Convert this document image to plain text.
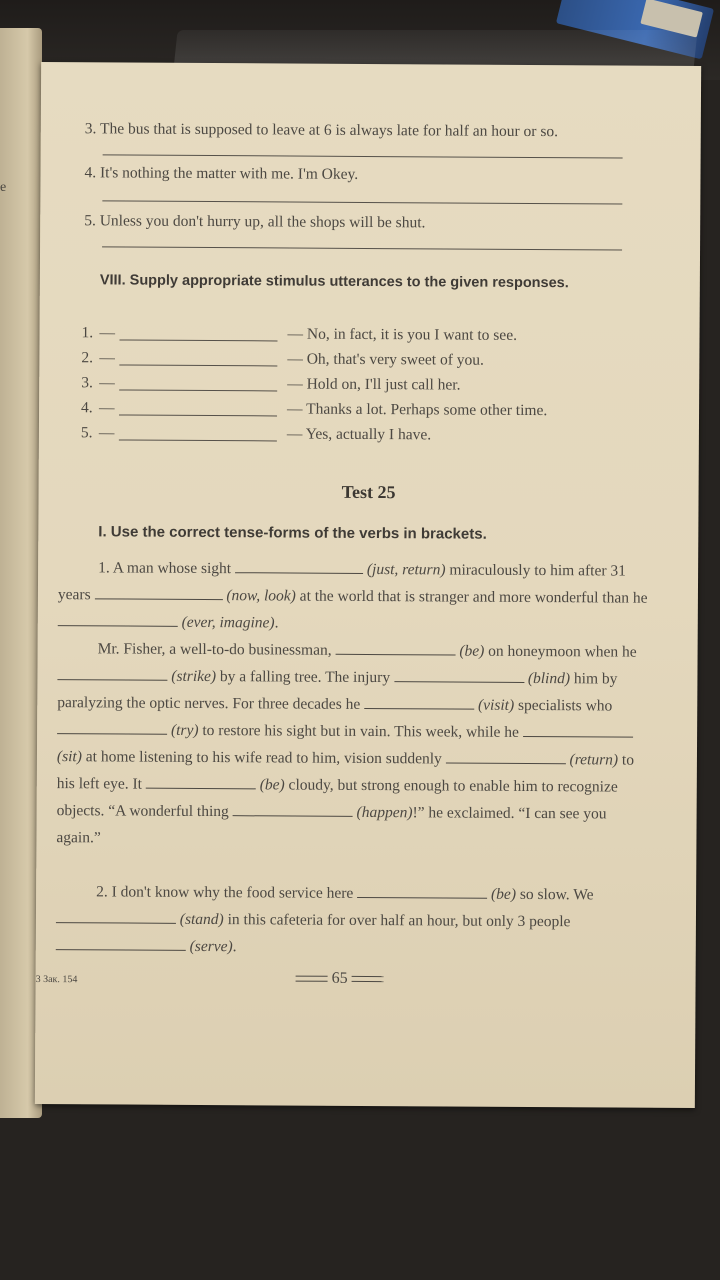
e
3. The bus that is supposed to leave at 6 is always late for half an hour or so.
4. It's nothing the matter with me. I'm Okey.
5. Unless you don't hurry up, all the shops will be shut.
VIII. Supply appropriate stimulus utterances to the given responses.
1. —	— No, in fact, it is you I want to see.
2. —	— Oh, that's very sweet of you.
3. —	— Hold on, I'll just call her.
4. —	— Thanks a lot. Perhaps some other time.
5. —	— Yes, actually I have.
Test 25
I. Use the correct tense-forms of the verbs in brackets.
1. A man whose sight	(just, return) miraculously to him after 31 years	(now, look) at the world that is stranger and more wonderful than he  (ever, imagine).
Mr. Fisher, a well-to-do businessman,	(be) on honeymoon when he  (strike) by a falling tree. The injury	(blind) him by paralyzing the optic nerves. For three decades he	(visit) specialists who  (try) to restore his sight but in vain. This week, while he  (sit) at home listening to his wife read to him, vision suddenly	(return) to his left eye. It	(be) cloudy, but strong enough to enable him to recognize objects. “A wonderful thing	(happen)!” he exclaimed. “I can see you again.”
2. I don't know why the food service here	(be) so slow. We  (stand) in this cafeteria for over half an hour, but only 3 people  (serve).
3 Зак. 154	65
